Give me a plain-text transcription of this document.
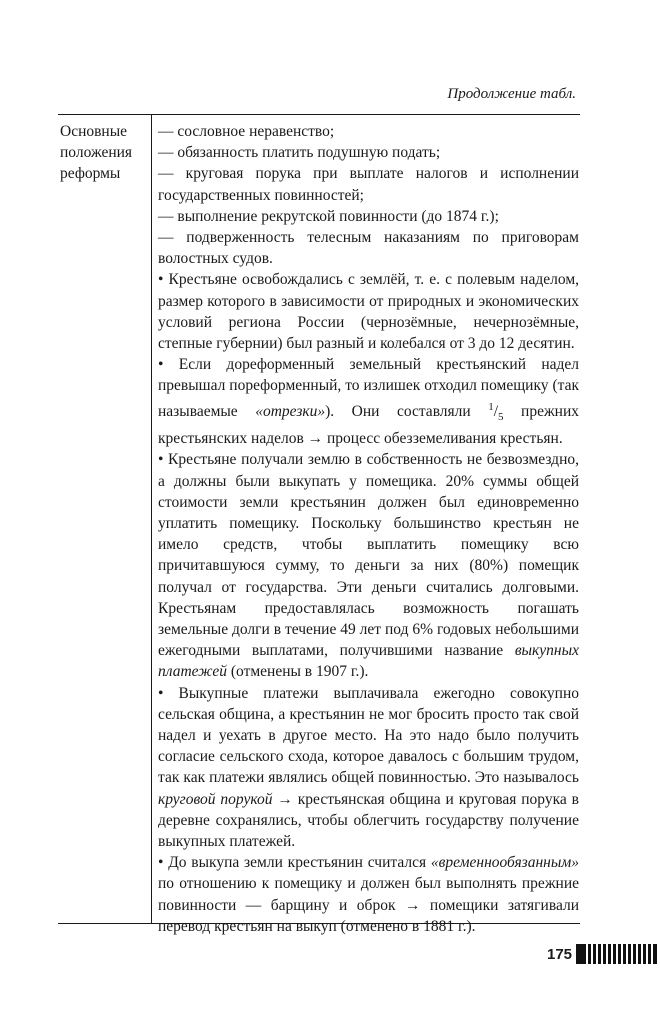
Продолжение табл.
Основные положения реформы

— сословное неравенство;

— обязанность платить подушную подать;

— круговая порука при выплате налогов и исполнении государственных повинностей;

— выполнение рекрутской повинности (до 1874 г.);

— подверженность телесным наказаниям по приговорам волостных судов.

• Крестьяне освобождались с землёй, т. е. с полевым наделом, размер которого в зависимости от природных и экономических условий региона России (чернозёмные, нечернозёмные, степные губернии) был разный и колебался от 3 до 12 десятин.

• Если дореформенный земельный крестьянский надел превышал пореформенный, то излишек отходил помещику (так называемые «отрезки»). Они составляли $^1/_5$ прежних крестьянских наделов → процесс обезземеливания крестьян.

• Крестьяне получали землю в собственность не безвозмездно, а должны были выкупать у помещика. 20% суммы общей стоимости земли крестьянин должен был единовременно уплатить помещику. Поскольку большинство крестьян не имело средств, чтобы выплатить помещику всю причитавшуюся сумму, то деньги за них (80%) помещик получал от государства. Эти деньги считались долговыми. Крестьянам предоставлялась возможность погашать земельные долги в течение 49 лет под 6% годовых небольшими ежегодными выплатами, получившими название выкупных платежей (отменены в 1907 г.).

• Выкупные платежи выплачивала ежегодно совокупно сельская община, а крестьянин не мог бросить просто так свой надел и уехать в другое место. На это надо было получить согласие сельского схода, которое давалось с большим трудом, так как платежи являлись общей повинностью. Это называлось круговой порукой → крестьянская община и круговая порука в деревне сохранялись, чтобы облегчить государству получение выкупных платежей.

• До выкупа земли крестьянин считался «временнообязанным» по отношению к помещику и должен был выполнять прежние повинности — барщину и оброк → помещики затягивали перевод крестьян на выкуп (отменено в 1881 г.).

175
